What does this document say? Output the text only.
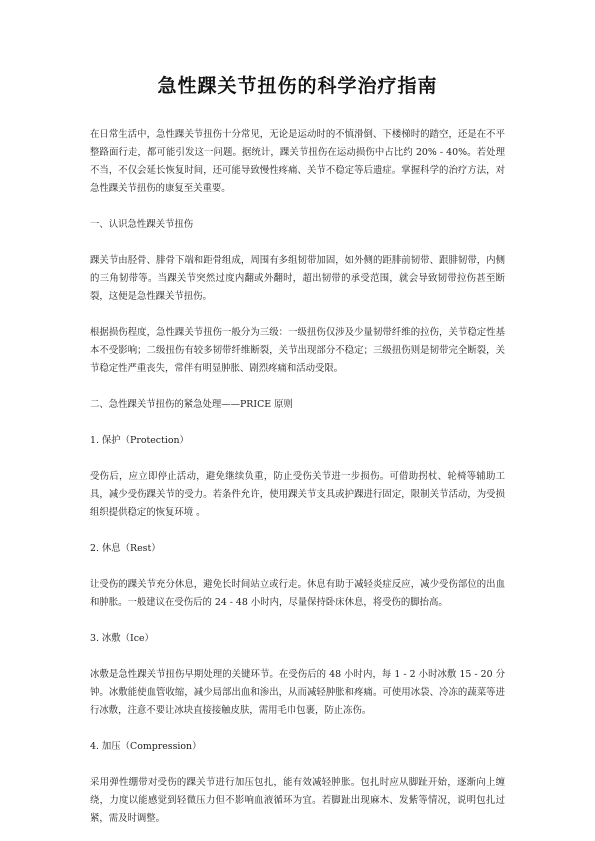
急性踝关节扭伤的科学治疗指南

在日常生活中，急性踝关节扭伤十分常见，无论是运动时的不慎滑倒、下楼梯时的踏空，还是在不平整路面行走，都可能引发这一问题。据统计，踝关节扭伤在运动损伤中占比约 20% - 40%。若处理不当，不仅会延长恢复时间，还可能导致慢性疼痛、关节不稳定等后遗症。掌握科学的治疗方法，对急性踝关节扭伤的康复至关重要。

一、认识急性踝关节扭伤

踝关节由胫骨、腓骨下端和距骨组成，周围有多组韧带加固，如外侧的距腓前韧带、跟腓韧带，内侧的三角韧带等。当踝关节突然过度内翻或外翻时，超出韧带的承受范围，就会导致韧带拉伤甚至断裂，这便是急性踝关节扭伤。

根据损伤程度，急性踝关节扭伤一般分为三级：一级扭伤仅涉及少量韧带纤维的拉伤，关节稳定性基本不受影响；二级扭伤有较多韧带纤维断裂，关节出现部分不稳定；三级扭伤则是韧带完全断裂，关节稳定性严重丧失，常伴有明显肿胀、剧烈疼痛和活动受限。

二、急性踝关节扭伤的紧急处理——PRICE 原则

1. 保护（Protection）

受伤后，应立即停止活动，避免继续负重，防止受伤关节进一步损伤。可借助拐杖、轮椅等辅助工具，减少受伤踝关节的受力。若条件允许，使用踝关节支具或护踝进行固定，限制关节活动，为受损组织提供稳定的恢复环境 。

2. 休息（Rest）

让受伤的踝关节充分休息，避免长时间站立或行走。休息有助于减轻炎症反应，减少受伤部位的出血和肿胀。一般建议在受伤后的 24 - 48 小时内，尽量保持卧床休息，将受伤的脚抬高。

3. 冰敷（Ice）

冰敷是急性踝关节扭伤早期处理的关键环节。在受伤后的 48 小时内，每 1 - 2 小时冰敷 15 - 20 分钟。冰敷能使血管收缩，减少局部出血和渗出，从而减轻肿胀和疼痛。可使用冰袋、冷冻的蔬菜等进行冰敷，注意不要让冰块直接接触皮肤，需用毛巾包裹，防止冻伤。

4. 加压（Compression）

采用弹性绷带对受伤的踝关节进行加压包扎，能有效减轻肿胀。包扎时应从脚趾开始，逐渐向上缠绕，力度以能感觉到轻微压力但不影响血液循环为宜。若脚趾出现麻木、发紫等情况，说明包扎过紧，需及时调整。
